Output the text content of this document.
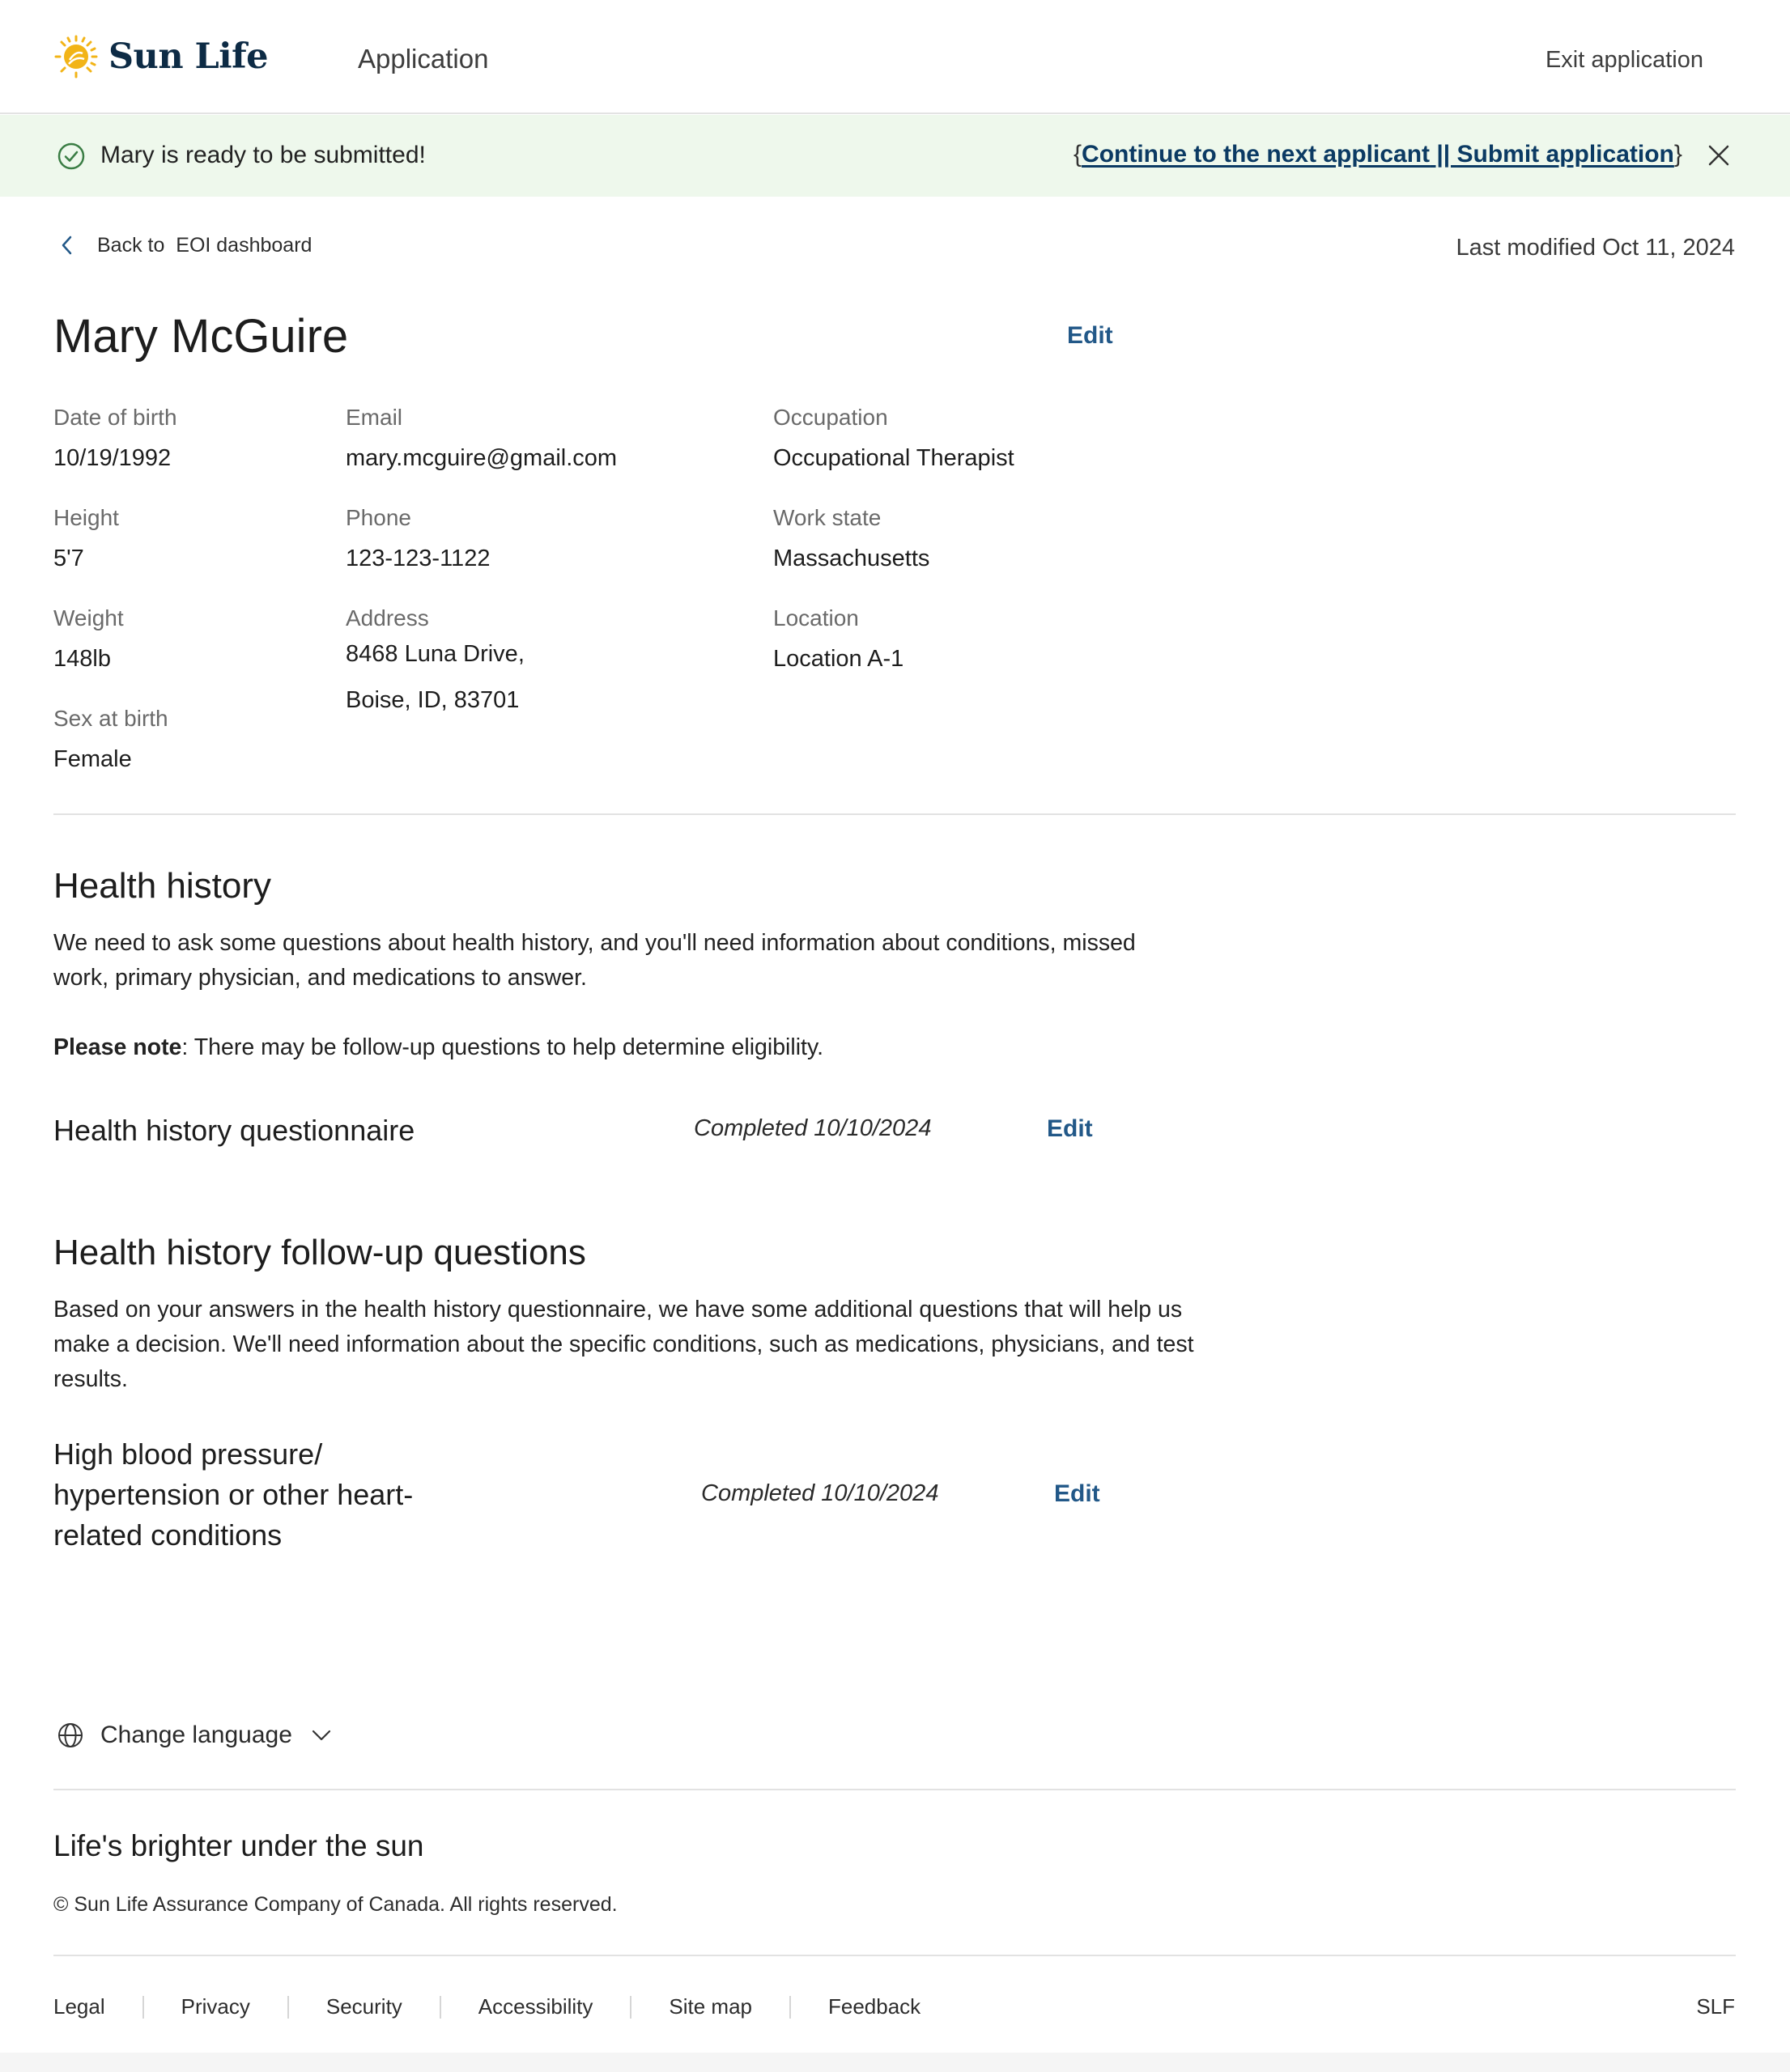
Sun Life	Application	Exit application
Mary is ready to be submitted!	{Continue to the next applicant || Submit application}
Back to  EOI dashboard	Last modified Oct 11, 2024
Mary McGuire	Edit
Date of birth
10/19/1992
Height
5'7
Weight
148lb
Sex at birth
Female
Email
mary.mcguire@gmail.com
Phone
123-123-1122
Address
8468 Luna Drive,
Boise, ID, 83701
Occupation
Occupational Therapist
Work state
Massachusetts
Location
Location A-1
Health history

We need to ask some questions about health history, and you'll need information about conditions, missed work, primary physician, and medications to answer.

Please note: There may be follow-up questions to help determine eligibility.

Health history questionnaire	Completed 10/10/2024	Edit
Health history follow-up questions

Based on your answers in the health history questionnaire, we have some additional questions that will help us make a decision. We'll need information about the specific conditions, such as medications, physicians, and test results.

High blood pressure/
hypertension or other heart-
related conditions
Completed 10/10/2024	Edit
Change language
Life's brighter under the sun
© Sun Life Assurance Company of Canada. All rights reserved.
Legal	Privacy	Security	Accessibility	Site map	Feedback	SLF
